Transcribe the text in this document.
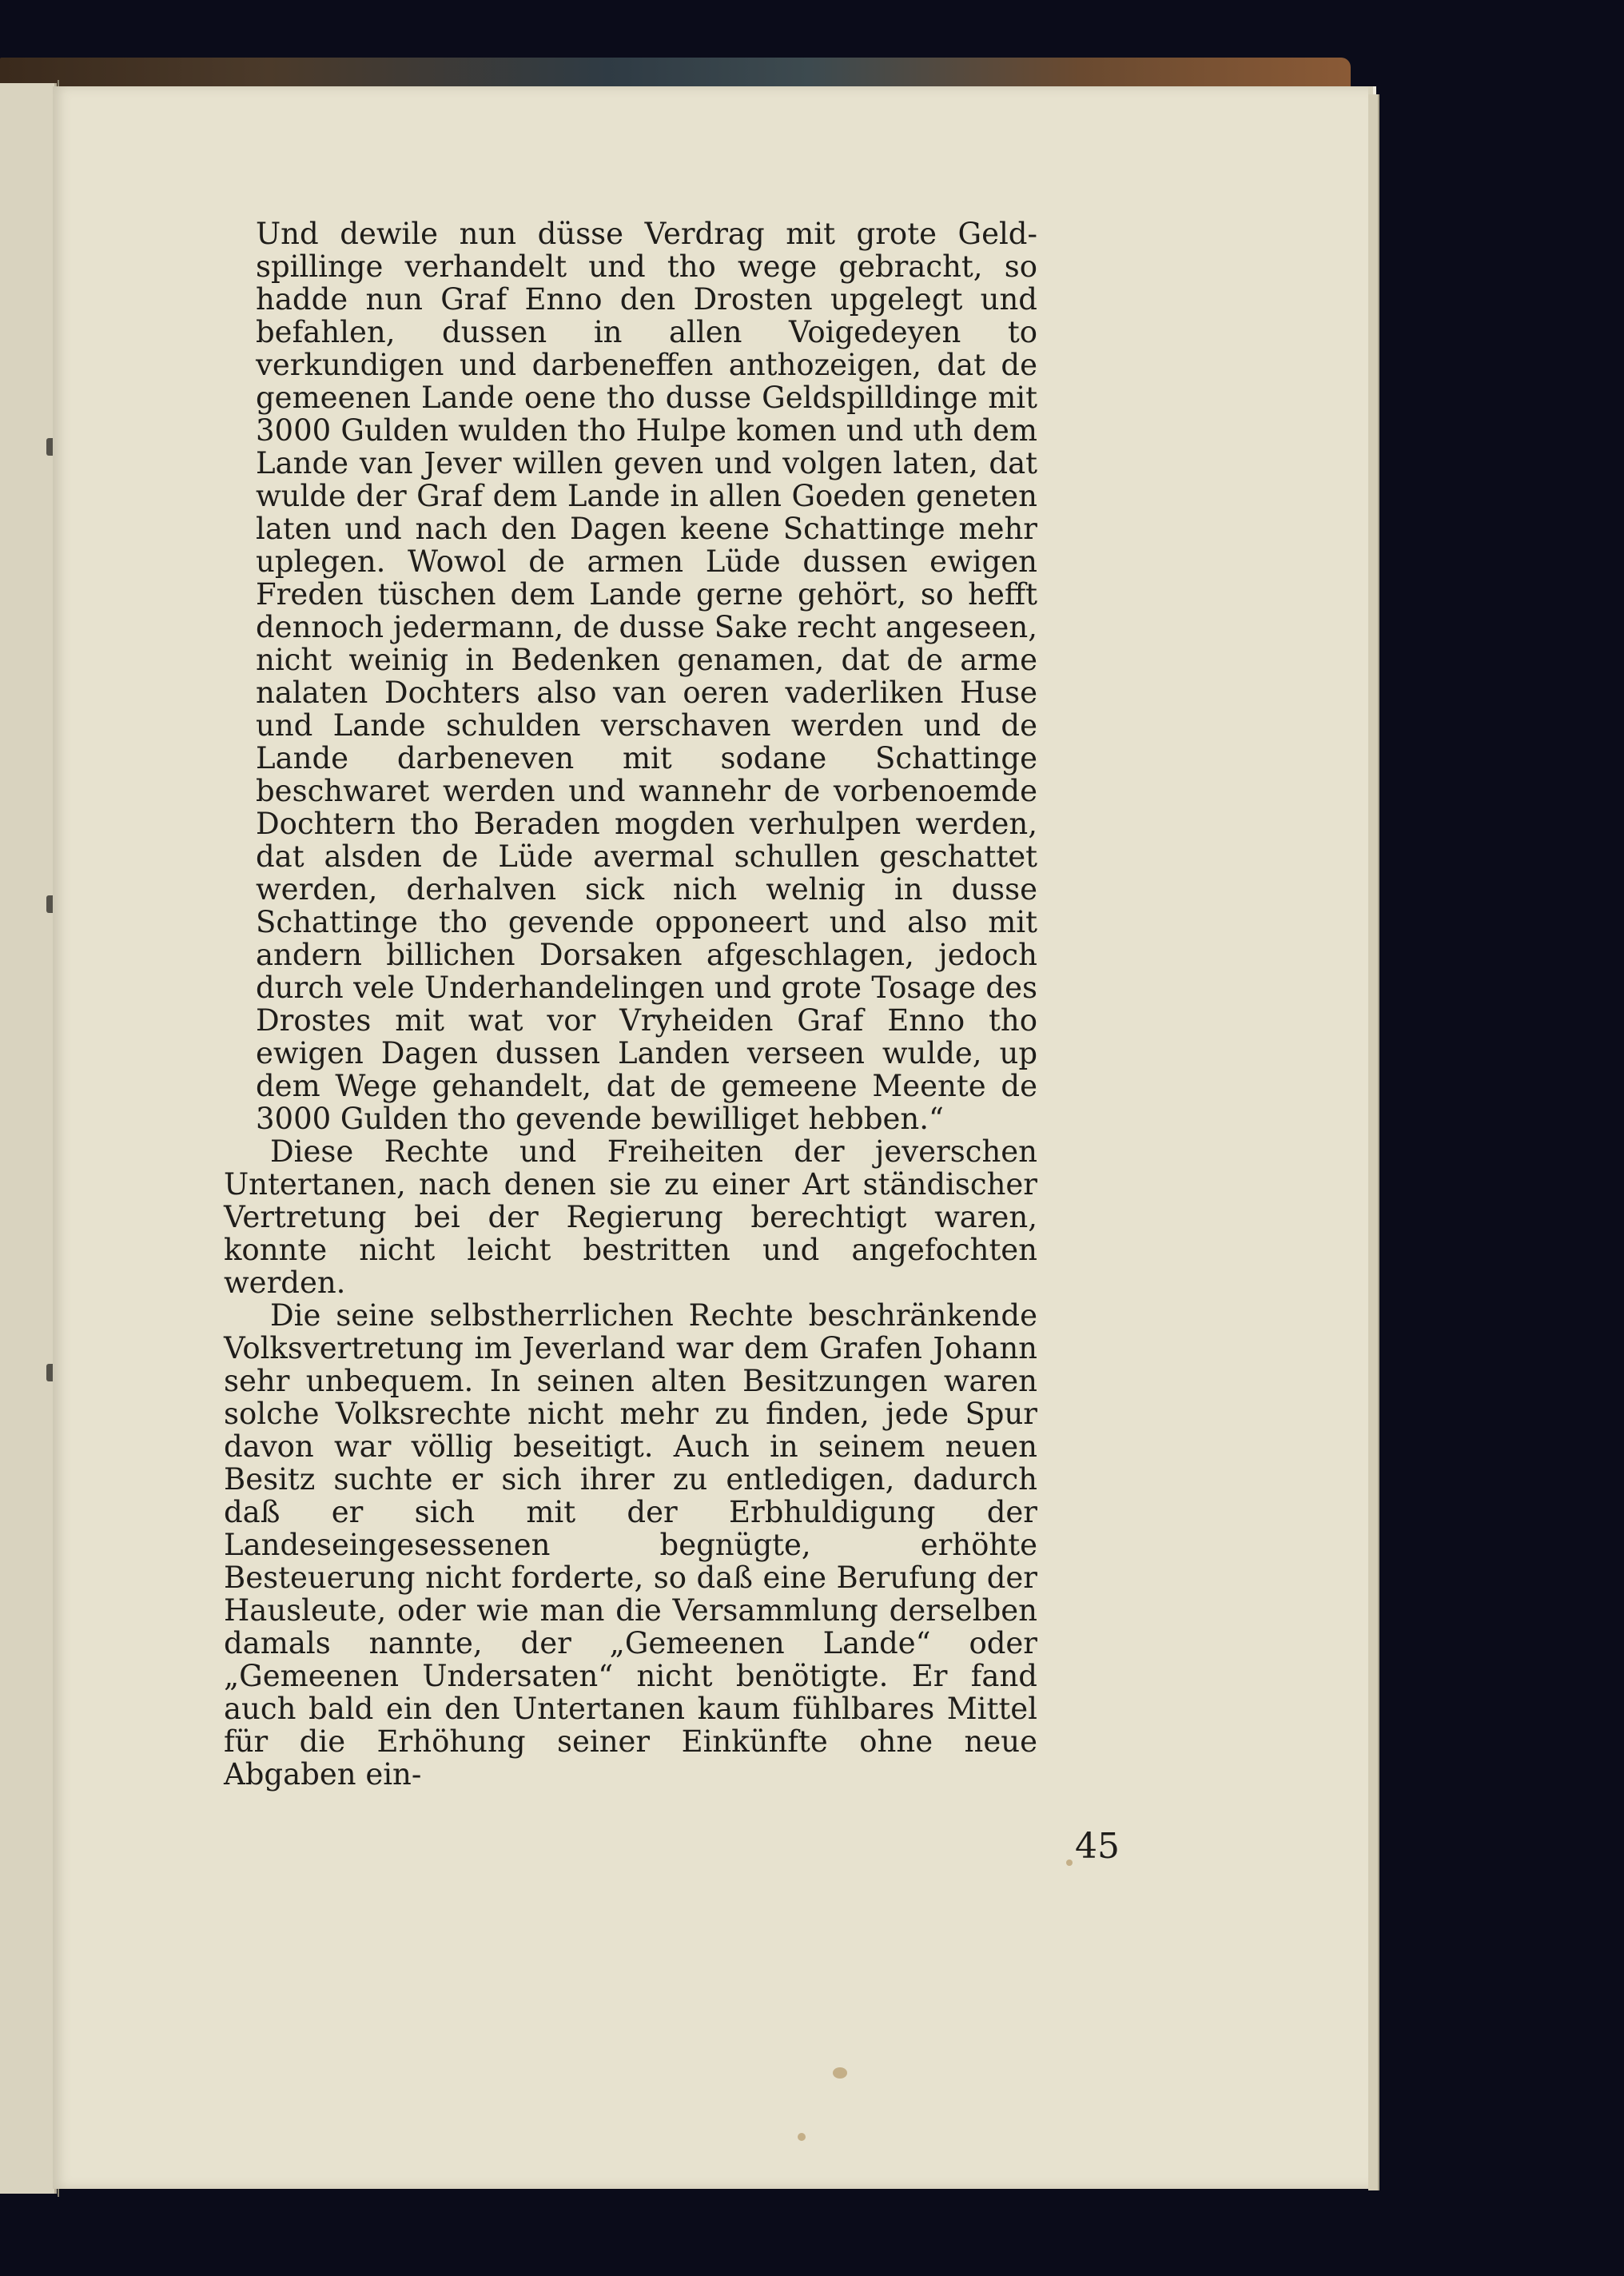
Und dewile nun düsse Verdrag mit grote Geld-spillinge verhandelt und tho wege gebracht, so hadde nun Graf Enno den Drosten upgelegt und befahlen, dussen in allen Voigedeyen to verkundigen und darbeneffen anthozeigen, dat de gemeenen Lande oene tho dusse Geldspilldinge mit 3000 Gulden wulden tho Hulpe komen und uth dem Lande van Jever willen geven und volgen laten, dat wulde der Graf dem Lande in allen Goeden geneten laten und nach den Dagen keene Schattinge mehr uplegen. Wowol de armen Lüde dussen ewigen Freden tüschen dem Lande gerne gehört, so hefft dennoch jedermann, de dusse Sake recht angeseen, nicht weinig in Bedenken genamen, dat de arme nalaten Dochters also van oeren vaderliken Huse und Lande schulden verschaven werden und de Lande darbeneven mit sodane Schattinge beschwaret werden und wannehr de vorbenoemde Dochtern tho Beraden mogden verhulpen werden, dat alsden de Lüde avermal schullen geschattet werden, derhalven sick nich welnig in dusse Schattinge tho gevende opponeert und also mit andern billichen Dorsaken afgeschlagen, jedoch durch vele Underhandelingen und grote Tosage des Drostes mit wat vor Vryheiden Graf Enno tho ewigen Dagen dussen Landen verseen wulde, up dem Wege gehandelt, dat de gemeene Meente de 3000 Gulden tho gevende bewilliget hebben.“

Diese Rechte und Freiheiten der jeverschen Untertanen, nach denen sie zu einer Art ständischer Vertretung bei der Regierung berechtigt waren, konnte nicht leicht bestritten und angefochten werden.

Die seine selbstherrlichen Rechte beschränkende Volksvertretung im Jeverland war dem Grafen Johann sehr unbequem. In seinen alten Besitzungen waren solche Volksrechte nicht mehr zu finden, jede Spur davon war völlig beseitigt. Auch in seinem neuen Besitz suchte er sich ihrer zu entledigen, dadurch daß er sich mit der Erbhuldigung der Landeseingesessenen begnügte, erhöhte Besteuerung nicht forderte, so daß eine Berufung der Hausleute, oder wie man die Versammlung derselben damals nannte, der „Gemeenen Lande“ oder „Gemeenen Undersaten“ nicht benötigte. Er fand auch bald ein den Untertanen kaum fühlbares Mittel für die Erhöhung seiner Einkünfte ohne neue Abgaben ein-

45
